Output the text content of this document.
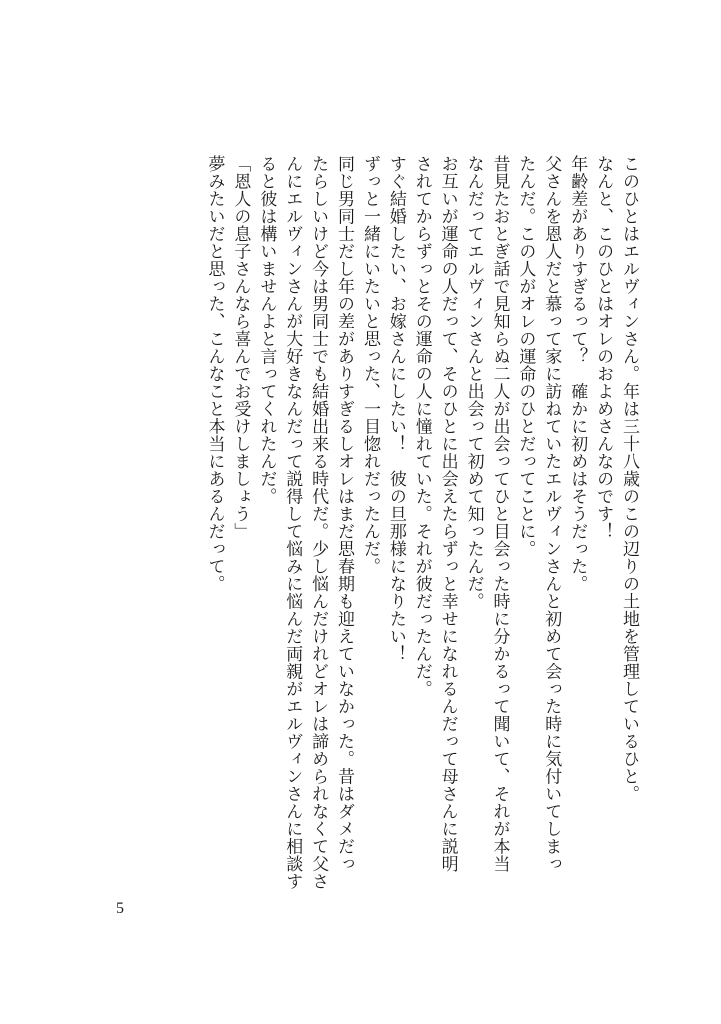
このひとはエルヴィンさん。年は三十八歳のこの辺りの土地を管理しているひと。

なんと、このひとはオレのおよめさんなのです！

年齢差がありすぎるって？　確かに初めはそうだった。

父さんを恩人だと慕って家に訪ねていたエルヴィンさんと初めて会った時に気付いてしまっ

たんだ。この人がオレの運命のひとだってことに。

昔見たおとぎ話で見知らぬ二人が出会ってひと目会った時に分かるって聞いて、それが本当

なんだってエルヴィンさんと出会って初めて知ったんだ。

お互いが運命の人だって、そのひとに出会えたらずっと幸せになれるんだって母さんに説明

されてからずっとその運命の人に憧れていた。それが彼だったんだ。

すぐ結婚したい、お嫁さんにしたい！　彼の旦那様になりたい！

ずっと一緒にいたいと思った、一目惚れだったんだ。

同じ男同士だし年の差がありすぎるしオレはまだ思春期も迎えていなかった。昔はダメだっ

たらしいけど今は男同士でも結婚出来る時代だ。少し悩んだけれどオレは諦められなくて父さ

んにエルヴィンさんが大好きなんだって説得して悩みに悩んだ両親がエルヴィンさんに相談す

ると彼は構いませんよと言ってくれたんだ。

「恩人の息子さんなら喜んでお受けしましょう」

夢みたいだと思った、こんなこと本当にあるんだって。

5
